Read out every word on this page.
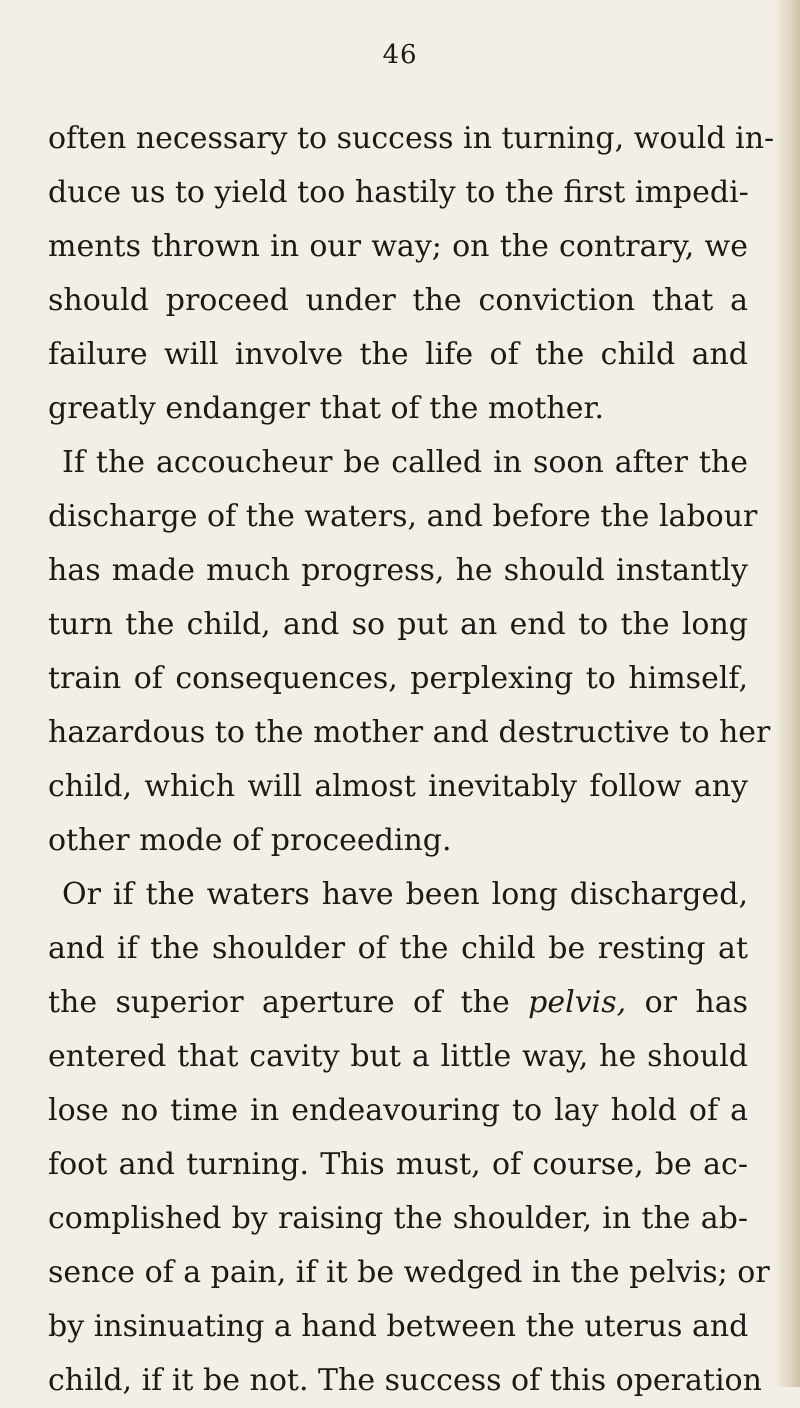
46
often necessary to success in turning, would in-
duce us to yield too hastily to the first impedi-
ments thrown in our way; on the contrary, we
should proceed under the conviction that a
failure will involve the life of the child and
greatly endanger that of the mother.
If the accoucheur be called in soon after the
discharge of the waters, and before the labour
has made much progress, he should instantly
turn the child, and so put an end to the long
train of consequences, perplexing to himself,
hazardous to the mother and destructive to her
child, which will almost inevitably follow any
other mode of proceeding.
Or if the waters have been long discharged,
and if the shoulder of the child be resting at
the superior aperture of the pelvis, or has
entered that cavity but a little way, he should
lose no time in endeavouring to lay hold of a
foot and turning. This must, of course, be ac-
complished by raising the shoulder, in the ab-
sence of a pain, if it be wedged in the pelvis; or
by insinuating a hand between the uterus and
child, if it be not. The success of this operation
